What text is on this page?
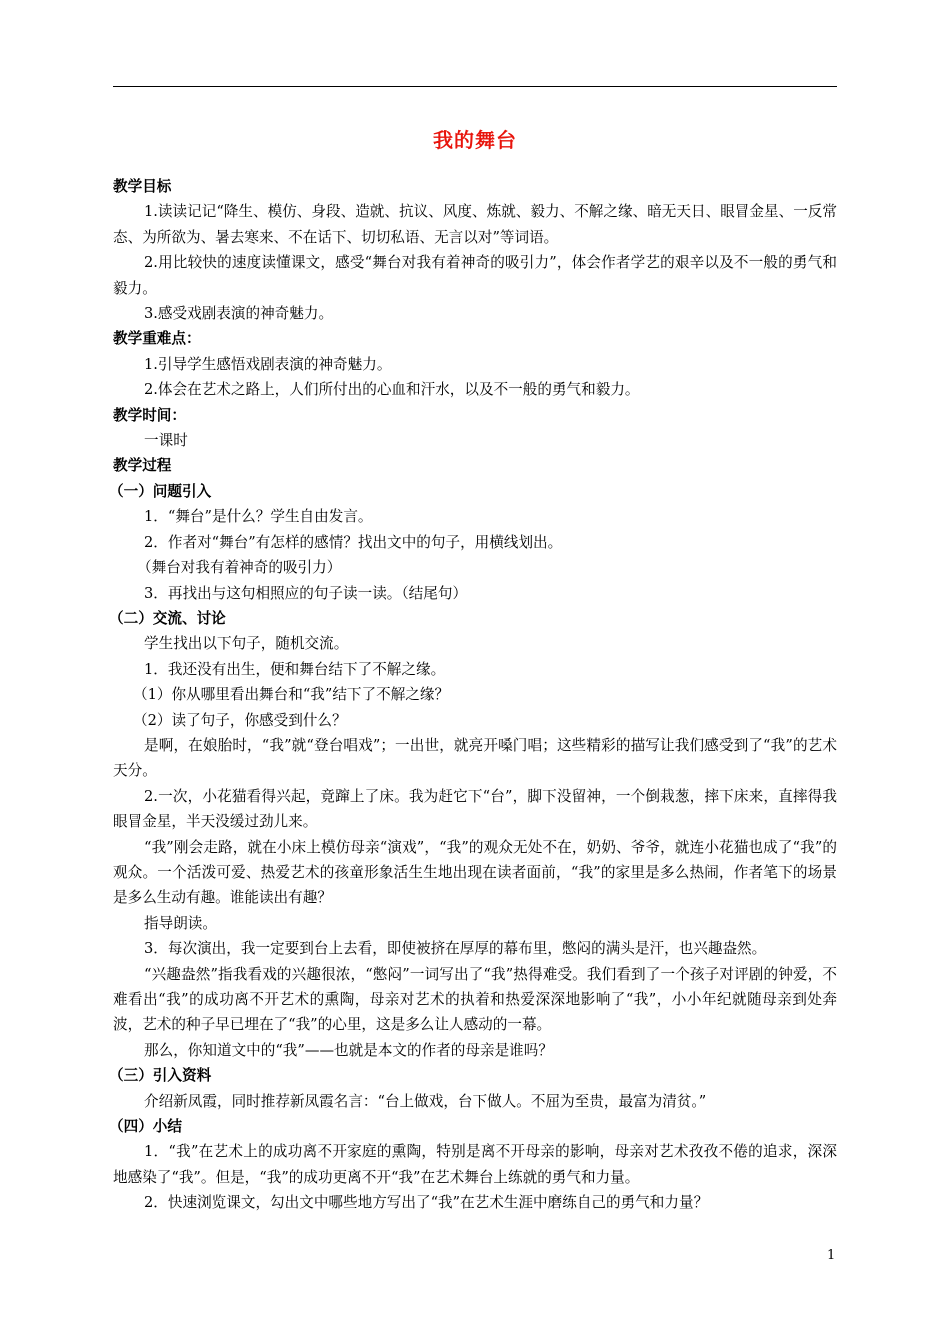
我的舞台

教学目标

1.读读记记“降生、模仿、身段、造就、抗议、风度、炼就、毅力、不解之缘、暗无天日、眼冒金星、一反常态、为所欲为、暑去寒来、不在话下、切切私语、无言以对”等词语。

2.用比较快的速度读懂课文，感受“舞台对我有着神奇的吸引力”，体会作者学艺的艰辛以及不一般的勇气和毅力。

3.感受戏剧表演的神奇魅力。

教学重难点：

1.引导学生感悟戏剧表演的神奇魅力。

2.体会在艺术之路上，人们所付出的心血和汗水，以及不一般的勇气和毅力。

教学时间：

一课时

教学过程

（一）问题引入

1．“舞台”是什么？学生自由发言。

2．作者对“舞台”有怎样的感情？找出文中的句子，用横线划出。

（舞台对我有着神奇的吸引力）

3．再找出与这句相照应的句子读一读。（结尾句）

（二）交流、讨论

学生找出以下句子，随机交流。

1．我还没有出生，便和舞台结下了不解之缘。

（1）你从哪里看出舞台和“我”结下了不解之缘？

（2）读了句子，你感受到什么？

是啊，在娘胎时，“我”就“登台唱戏”；一出世，就亮开嗓门唱；这些精彩的描写让我们感受到了“我”的艺术天分。

2.一次，小花猫看得兴起，竟蹿上了床。我为赶它下“台”，脚下没留神，一个倒栽葱，摔下床来，直摔得我眼冒金星，半天没缓过劲儿来。

“我”刚会走路，就在小床上模仿母亲“演戏”，“我”的观众无处不在，奶奶、爷爷，就连小花猫也成了“我”的观众。一个活泼可爱、热爱艺术的孩童形象活生生地出现在读者面前，“我”的家里是多么热闹，作者笔下的场景是多么生动有趣。谁能读出有趣？

指导朗读。

3．每次演出，我一定要到台上去看，即使被挤在厚厚的幕布里，憋闷的满头是汗，也兴趣盎然。

“兴趣盎然”指我看戏的兴趣很浓，“憋闷”一词写出了“我”热得难受。我们看到了一个孩子对评剧的钟爱，不难看出“我”的成功离不开艺术的熏陶，母亲对艺术的执着和热爱深深地影响了“我”，小小年纪就随母亲到处奔波，艺术的种子早已埋在了“我”的心里，这是多么让人感动的一幕。

那么，你知道文中的“我”——也就是本文的作者的母亲是谁吗？

（三）引入资料

介绍新凤霞，同时推荐新凤霞名言：“台上做戏，台下做人。不屈为至贵，最富为清贫。”

（四）小结

1．“我”在艺术上的成功离不开家庭的熏陶，特别是离不开母亲的影响，母亲对艺术孜孜不倦的追求，深深地感染了“我”。但是，“我”的成功更离不开“我”在艺术舞台上练就的勇气和力量。

2．快速浏览课文，勾出文中哪些地方写出了“我”在艺术生涯中磨练自己的勇气和力量？

1
